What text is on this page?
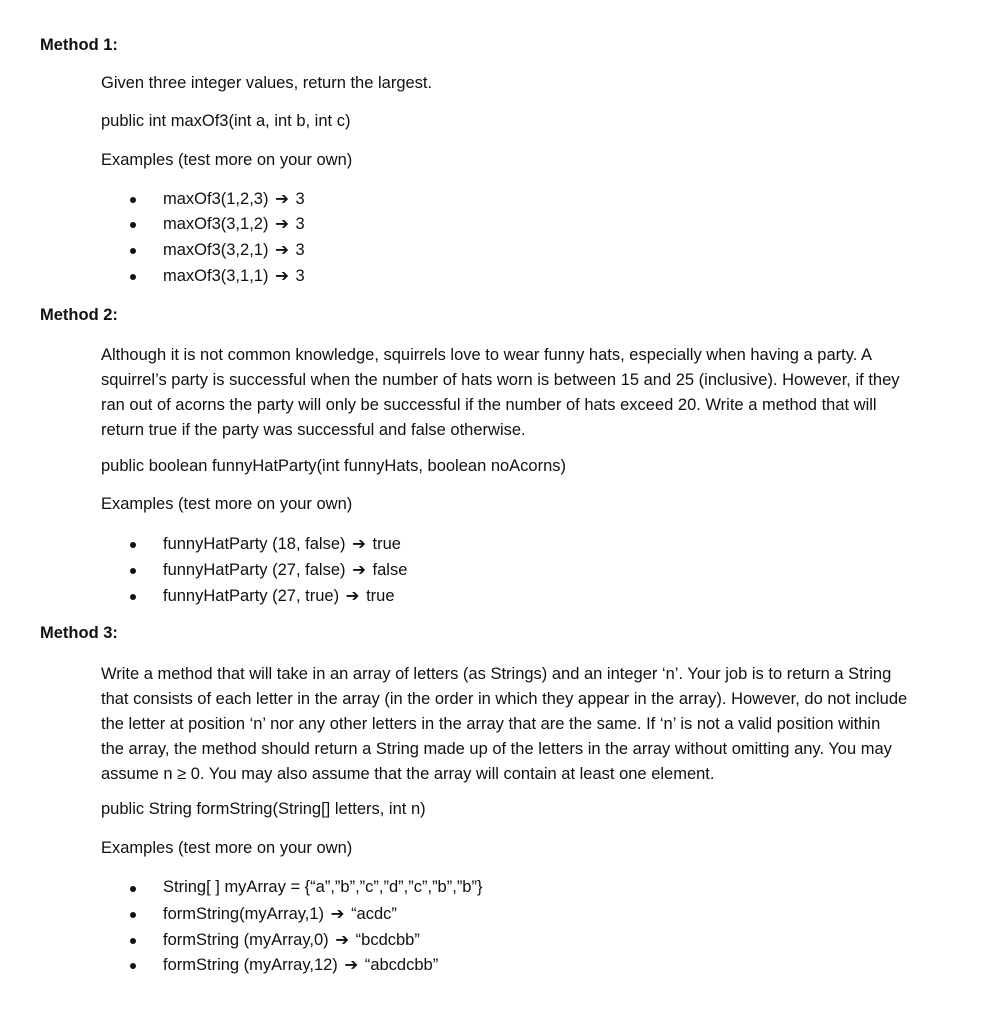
Method 1:
Given three integer values, return the largest.
public int maxOf3(int a, int b, int c)
Examples (test more on your own)
maxOf3(1,2,3) ➔ 3
maxOf3(3,1,2) ➔ 3
maxOf3(3,2,1) ➔ 3
maxOf3(3,1,1) ➔ 3
Method 2:
Although it is not common knowledge, squirrels love to wear funny hats, especially when having a party. A
squirrel’s party is successful when the number of hats worn is between 15 and 25 (inclusive). However, if they
ran out of acorns the party will only be successful if the number of hats exceed 20. Write a method that will
return true if the party was successful and false otherwise.
public boolean funnyHatParty(int funnyHats, boolean noAcorns)
Examples (test more on your own)
funnyHatParty (18, false) ➔ true
funnyHatParty (27, false) ➔ false
funnyHatParty (27, true) ➔ true
Method 3:
Write a method that will take in an array of letters (as Strings) and an integer ‘n’. Your job is to return a String
that consists of each letter in the array (in the order in which they appear in the array). However, do not include
the letter at position ‘n’ nor any other letters in the array that are the same. If ‘n’ is not a valid position within
the array, the method should return a String made up of the letters in the array without omitting any. You may
assume n ≥ 0. You may also assume that the array will contain at least one element.
public String formString(String[] letters, int n)
Examples (test more on your own)
String[ ] myArray = {“a”,”b”,”c”,”d”,”c”,”b”,”b”}
formString(myArray,1) ➔ “acdc”
formString (myArray,0) ➔ “bcdcbb”
formString (myArray,12) ➔ “abcdcbb”
